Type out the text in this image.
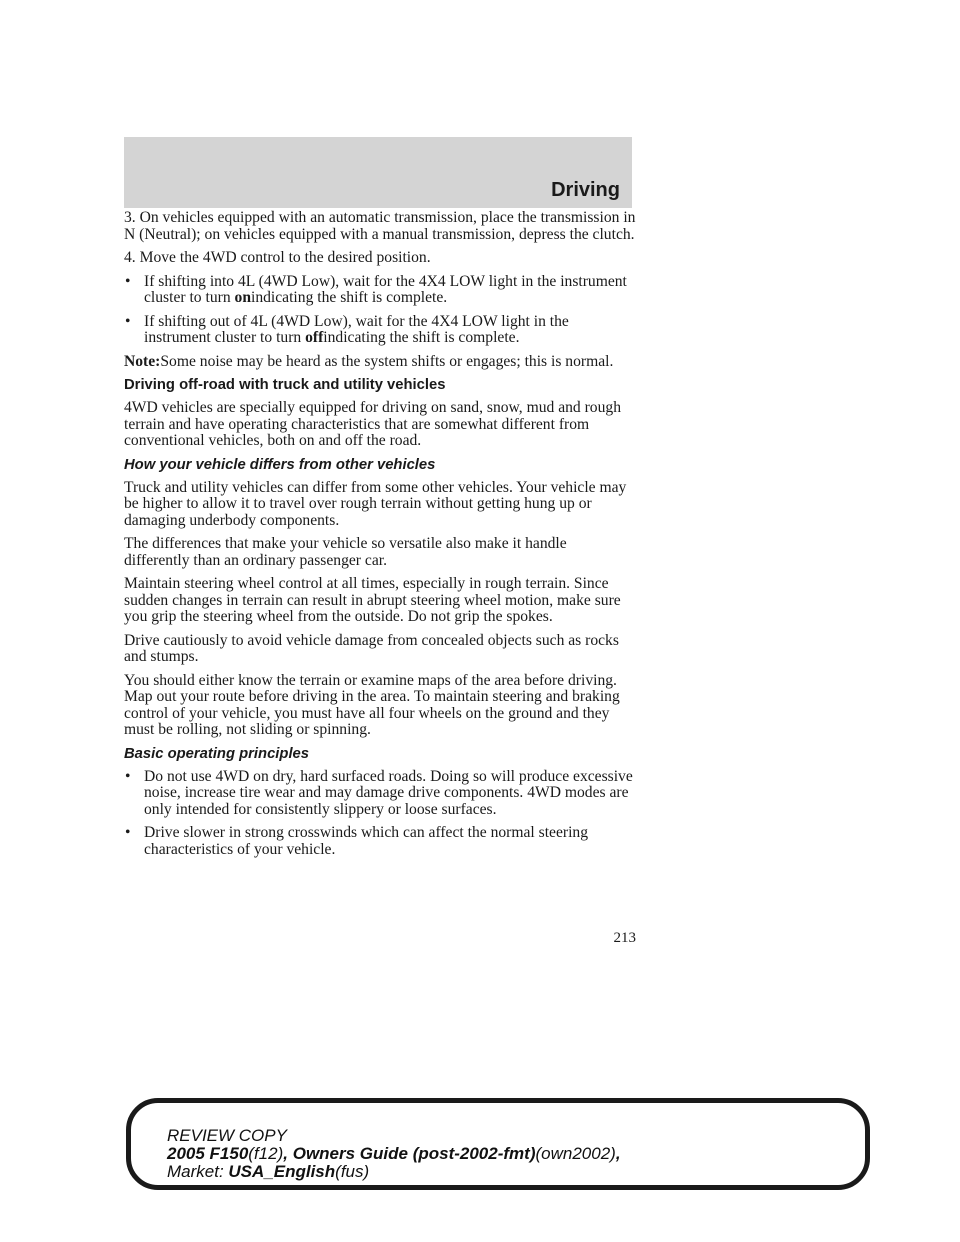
Driving

3. On vehicles equipped with an automatic transmission, place the transmission in N (Neutral); on vehicles equipped with a manual transmission, depress the clutch.

4. Move the 4WD control to the desired position.

• If shifting into 4L (4WD Low), wait for the 4X4 LOW light in the instrument cluster to turn onindicating the shift is complete.
• If shifting out of 4L (4WD Low), wait for the 4X4 LOW light in the instrument cluster to turn offindicating the shift is complete.

Note:Some noise may be heard as the system shifts or engages; this is normal.

Driving off-road with truck and utility vehicles

4WD vehicles are specially equipped for driving on sand, snow, mud and rough terrain and have operating characteristics that are somewhat different from conventional vehicles, both on and off the road.

How your vehicle differs from other vehicles

Truck and utility vehicles can differ from some other vehicles. Your vehicle may be higher to allow it to travel over rough terrain without getting hung up or damaging underbody components.

The differences that make your vehicle so versatile also make it handle differently than an ordinary passenger car.

Maintain steering wheel control at all times, especially in rough terrain. Since sudden changes in terrain can result in abrupt steering wheel motion, make sure you grip the steering wheel from the outside. Do not grip the spokes.

Drive cautiously to avoid vehicle damage from concealed objects such as rocks and stumps.

You should either know the terrain or examine maps of the area before driving. Map out your route before driving in the area. To maintain steering and braking control of your vehicle, you must have all four wheels on the ground and they must be rolling, not sliding or spinning.

Basic operating principles
• Do not use 4WD on dry, hard surfaced roads. Doing so will produce excessive noise, increase tire wear and may damage drive components. 4WD modes are only intended for consistently slippery or loose surfaces.
• Drive slower in strong crosswinds which can affect the normal steering characteristics of your vehicle.
213
REVIEW COPY
2005 F150(f12), Owners Guide (post-2002-fmt)(own2002),
Market: USA_English(fus)
